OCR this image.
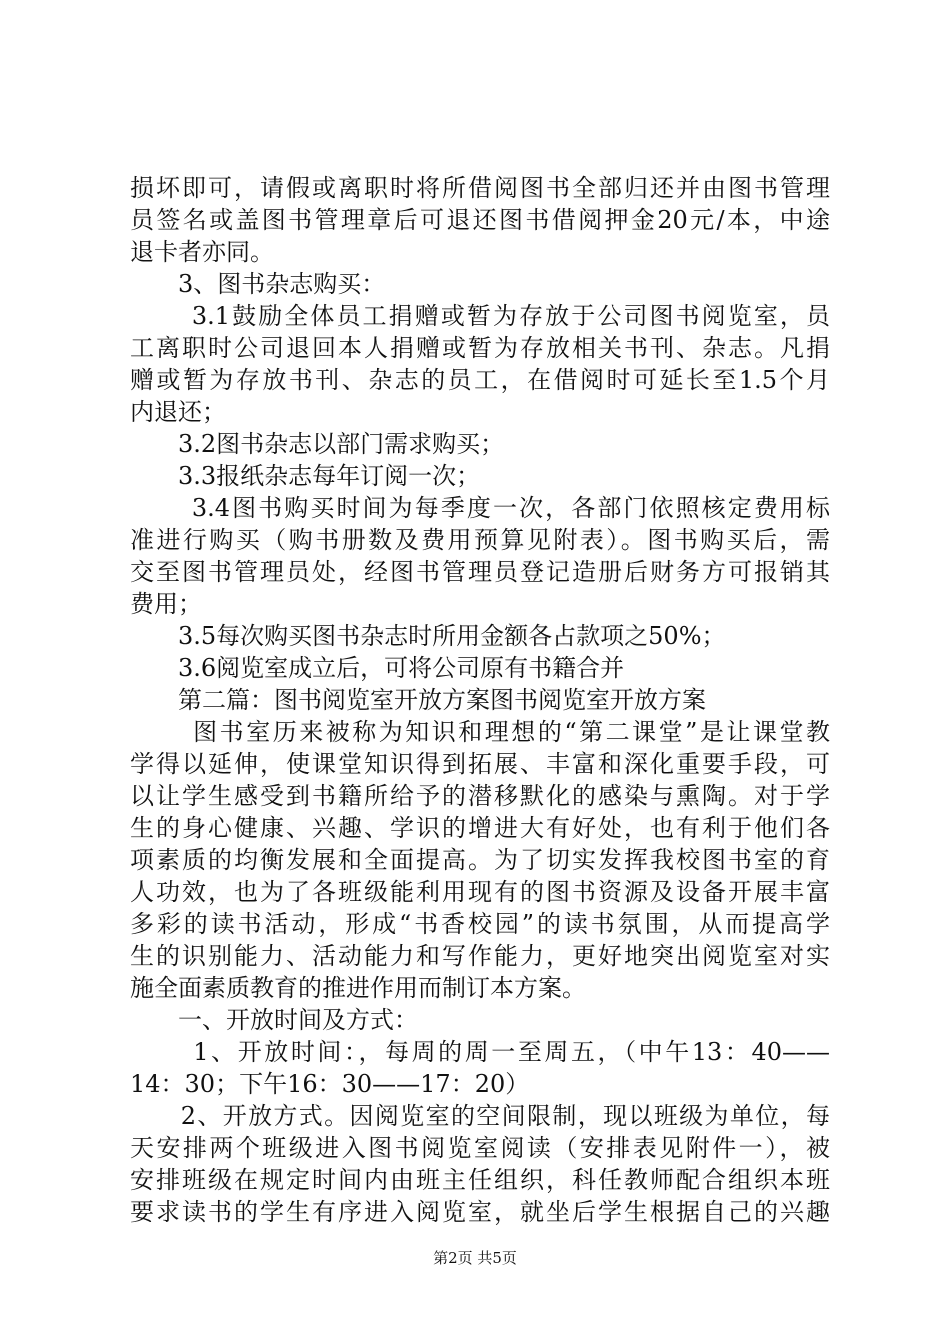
损坏即可，请假或离职时将所借阅图书全部归还并由图书管理
员签名或盖图书管理章后可退还图书借阅押金20元/本，中途
退卡者亦同。
　　3、图书杂志购买：
　　 3.1鼓励全体员工捐赠或暂为存放于公司图书阅览室，员
工离职时公司退回本人捐赠或暂为存放相关书刊、杂志。凡捐
赠或暂为存放书刊、杂志的员工，在借阅时可延长至1.5个月
内退还；
　　3.2图书杂志以部门需求购买；
　　3.3报纸杂志每年订阅一次；
　　 3.4图书购买时间为每季度一次，各部门依照核定费用标
准进行购买（购书册数及费用预算见附表）。图书购买后，需
交至图书管理员处，经图书管理员登记造册后财务方可报销其
费用；
　　3.5每次购买图书杂志时所用金额各占款项之50%；
　　3.6阅览室成立后，可将公司原有书籍合并
　　第二篇：图书阅览室开放方案图书阅览室开放方案
　　 图书室历来被称为知识和理想的“第二课堂”是让课堂教
学得以延伸，使课堂知识得到拓展、丰富和深化重要手段，可
以让学生感受到书籍所给予的潜移默化的感染与熏陶。对于学
生的身心健康、兴趣、学识的增进大有好处，也有利于他们各
项素质的均衡发展和全面提高。为了切实发挥我校图书室的育
人功效，也为了各班级能利用现有的图书资源及设备开展丰富
多彩的读书活动，形成“书香校园”的读书氛围，从而提高学
生的识别能力、活动能力和写作能力，更好地突出阅览室对实
施全面素质教育的推进作用而制订本方案。
　　一、开放时间及方式：
　　 1、开放时间：，每周的周一至周五，（中午13：40——
14：30；下午16：30——17：20）
　　2、开放方式。因阅览室的空间限制，现以班级为单位，每
天安排两个班级进入图书阅览室阅读（安排表见附件一），被
安排班级在规定时间内由班主任组织，科任教师配合组织本班
要求读书的学生有序进入阅览室，就坐后学生根据自己的兴趣
第2页 共5页
